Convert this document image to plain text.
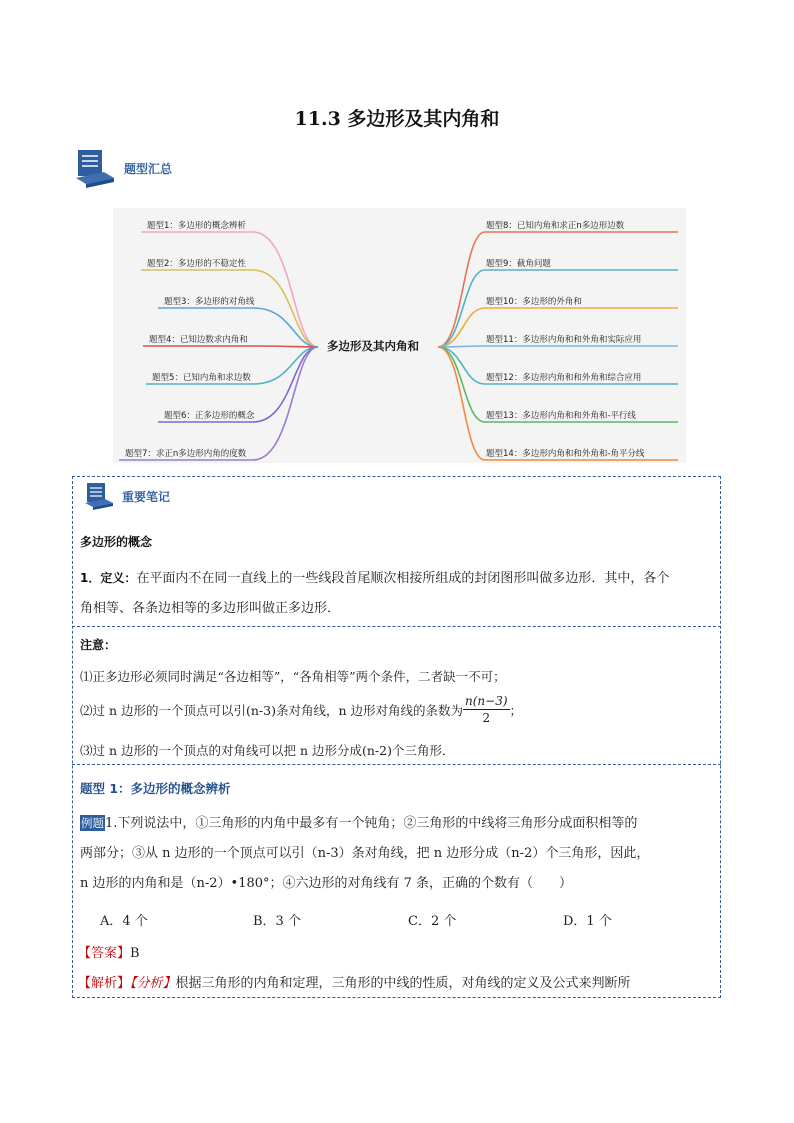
11.3 多边形及其内角和
题型汇总
多边形及其内角和
题型1：多边形的概念辨析
题型2：多边形的不稳定性
题型3：多边形的对角线
题型4：已知边数求内角和
题型5：已知内角和求边数
题型6：正多边形的概念
题型7：求正n多边形内角的度数
题型8：已知内角和求正n多边形边数
题型9：截角问题
题型10：多边形的外角和
题型11：多边形内角和和外角和实际应用
题型12：多边形内角和和外角和综合应用
题型13：多边形内角和和外角和-平行线
题型14：多边形内角和和外角和-角平分线
重要笔记
多边形的概念
1．定义：在平面内不在同一直线上的一些线段首尾顺次相接所组成的封闭图形叫做多边形．其中，各个
角相等、各条边相等的多边形叫做正多边形．
注意：
⑴正多边形必须同时满足“各边相等”，“各角相等”两个条件，二者缺一不可；
⑵过 n 边形的一个顶点可以引(n-3)条对角线，n 边形对角线的条数为 $\frac{n(n-3)}{2}$ ；
⑶过 n 边形的一个顶点的对角线可以把 n 边形分成(n-2)个三角形．
题型 1：多边形的概念辨析
例题1.下列说法中，①三角形的内角中最多有一个钝角；②三角形的中线将三角形分成面积相等的
两部分；③从 n 边形的一个顶点可以引（n-3）条对角线，把 n 边形分成（n-2）个三角形，因此，
n 边形的内角和是（n-2）•180°；④六边形的对角线有 7 条，正确的个数有（　　）
A．4 个	B．3 个	C．2 个	D．1 个
【答案】B
【解析】【分析】根据三角形的内角和定理，三角形的中线的性质，对角线的定义及公式来判断所
